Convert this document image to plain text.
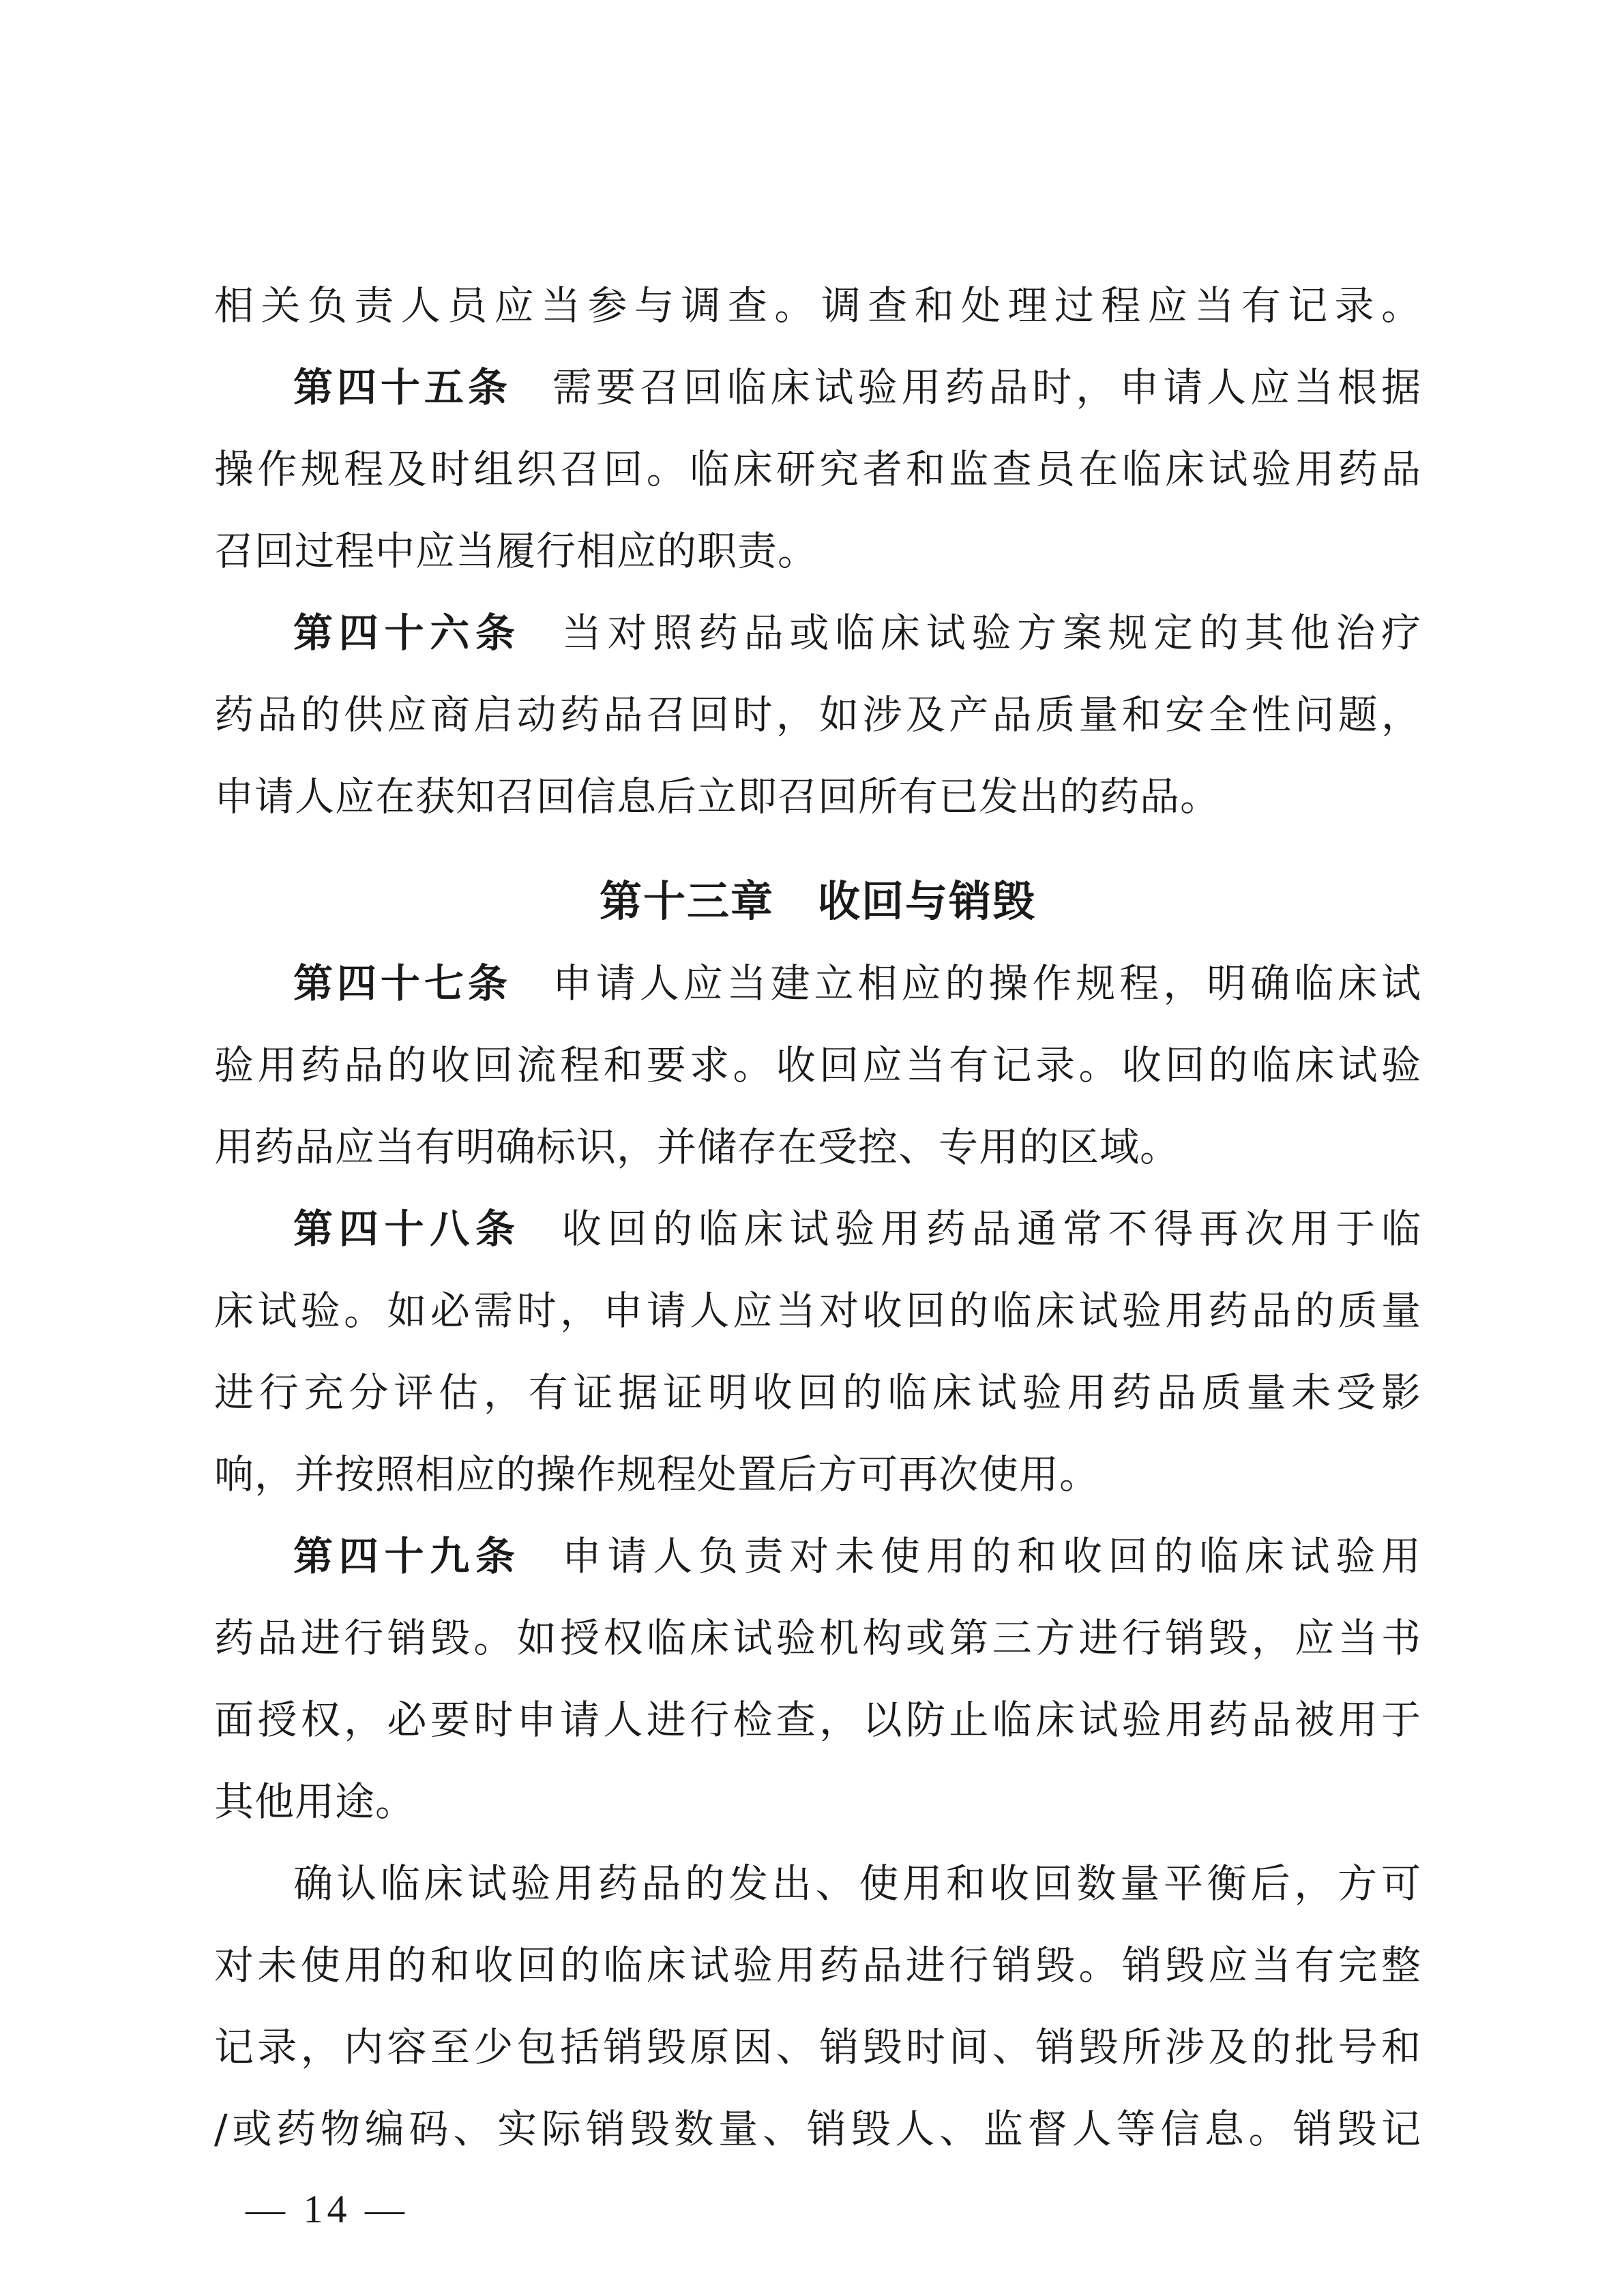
相关负责人员应当参与调查。调查和处理过程应当有记录。
第四十五条 需要召回临床试验用药品时，申请人应当根据
操作规程及时组织召回。临床研究者和监查员在临床试验用药品
召回过程中应当履行相应的职责。
第四十六条 当对照药品或临床试验方案规定的其他治疗
药品的供应商启动药品召回时，如涉及产品质量和安全性问题，
申请人应在获知召回信息后立即召回所有已发出的药品。
第十三章　收回与销毁
第四十七条 申请人应当建立相应的操作规程，明确临床试
验用药品的收回流程和要求。收回应当有记录。收回的临床试验
用药品应当有明确标识，并储存在受控、专用的区域。
第四十八条 收回的临床试验用药品通常不得再次用于临
床试验。如必需时，申请人应当对收回的临床试验用药品的质量
进行充分评估，有证据证明收回的临床试验用药品质量未受影
响，并按照相应的操作规程处置后方可再次使用。
第四十九条 申请人负责对未使用的和收回的临床试验用
药品进行销毁。如授权临床试验机构或第三方进行销毁，应当书
面授权，必要时申请人进行检查，以防止临床试验用药品被用于
其他用途。
确认临床试验用药品的发出、使用和收回数量平衡后，方可
对未使用的和收回的临床试验用药品进行销毁。销毁应当有完整
记录，内容至少包括销毁原因、销毁时间、销毁所涉及的批号和
/或药物编码、实际销毁数量、销毁人、监督人等信息。销毁记
— 14 —
